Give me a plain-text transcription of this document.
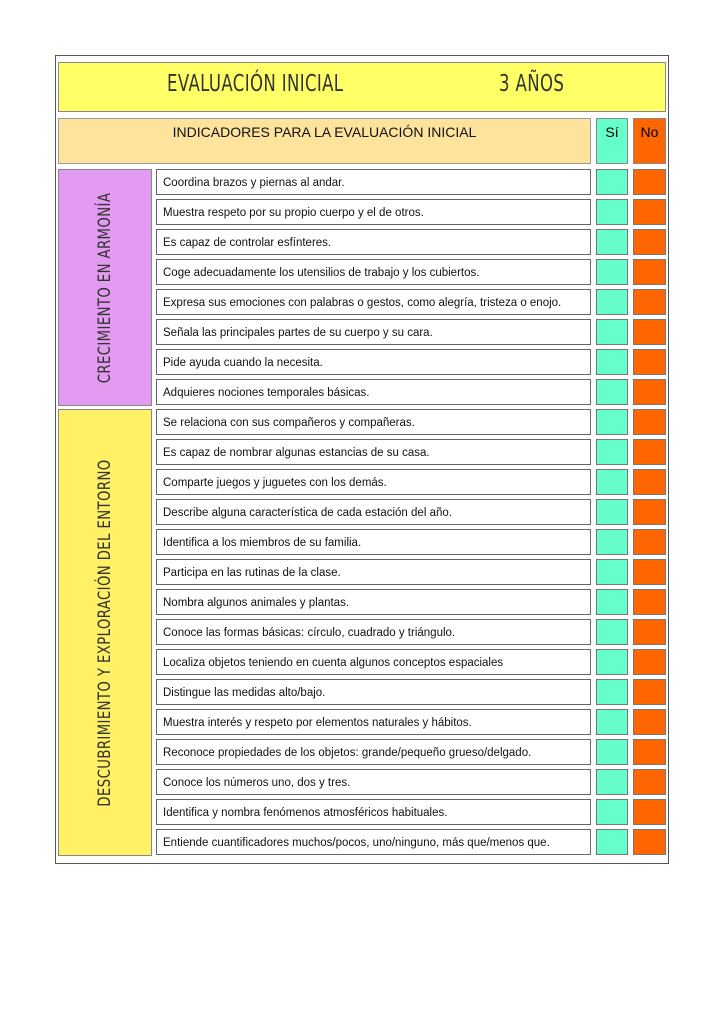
EVALUACIÓN INICIAL	3 AÑOS
INDICADORES PARA LA EVALUACIÓN INICIAL	Sí	No
CRECIMIENTO EN ARMONÍA
Coordina brazos y piernas al andar.
Muestra respeto por su propio cuerpo y el de otros.
Es capaz de controlar esfínteres.
Coge adecuadamente los utensilios de trabajo y los cubiertos.
Expresa sus emociones con palabras o gestos, como alegría, tristeza o enojo.
Señala las principales partes de su cuerpo y su cara.
Pide ayuda cuando la necesita.
Adquieres nociones temporales básicas.
DESCUBRIMIENTO Y EXPLORACIÓN DEL ENTORNO
Se relaciona con sus compañeros y compañeras.
Es capaz de nombrar algunas estancias de su casa.
Comparte juegos y juguetes con los demás.
Describe alguna característica de cada estación del año.
Identifica a los miembros de su familia.
Participa en las rutinas de la clase.
Nombra algunos animales y plantas.
Conoce las formas básicas: círculo, cuadrado y triángulo.
Localiza objetos teniendo en cuenta algunos conceptos espaciales
Distingue las medidas alto/bajo.
Muestra interés y respeto por elementos naturales y hábitos.
Reconoce propiedades de los objetos: grande/pequeño grueso/delgado.
Conoce los números uno, dos y tres.
Identifica y nombra fenómenos atmosféricos habituales.
Entiende cuantificadores muchos/pocos, uno/ninguno, más que/menos que.
